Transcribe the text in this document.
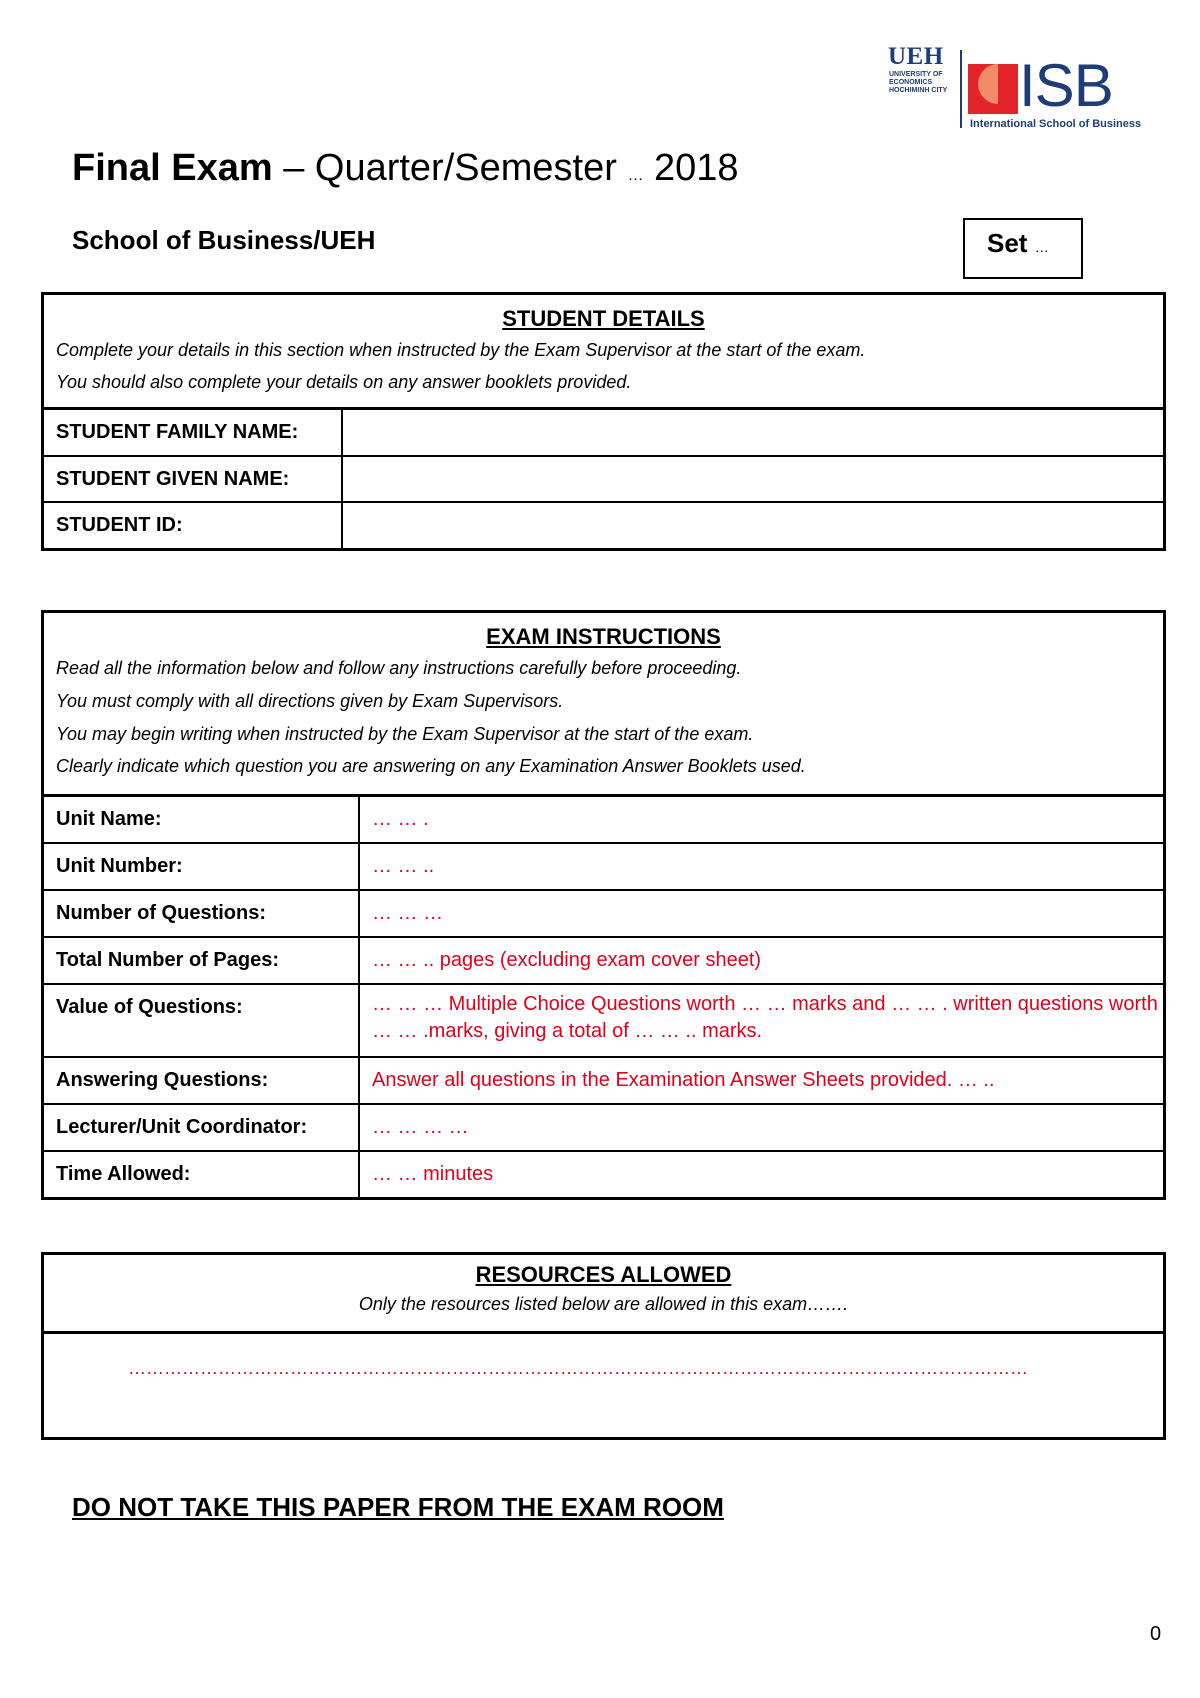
UEH
UNIVERSITY OF
ECONOMICS
HOCHIMINH CITY ISB
International School of Business
Final Exam – Quarter/Semester … 2018
School of Business/UEH	Set …
STUDENT DETAILS
Complete your details in this section when instructed by the Exam Supervisor at the start of the exam.
You should also complete your details on any answer booklets provided.
STUDENT FAMILY NAME:	
STUDENT GIVEN NAME:	
STUDENT ID:	
EXAM INSTRUCTIONS
Read all the information below and follow any instructions carefully before proceeding.
You must comply with all directions given by Exam Supervisors.
You may begin writing when instructed by the Exam Supervisor at the start of the exam.
Clearly indicate which question you are answering on any Examination Answer Booklets used.
Unit Name:	… … .
Unit Number:	… … ..
Number of Questions:	… … …
Total Number of Pages:	… … .. pages (excluding exam cover sheet)
Value of Questions:	… … … Multiple Choice Questions worth … … marks and … … . written questions worth … … .marks, giving a total of … … .. marks.
Answering Questions:	Answer all questions in the Examination Answer Sheets provided. … ..
Lecturer/Unit Coordinator:	… … … …
Time Allowed:	… … minutes
RESOURCES ALLOWED
Only the resources listed below are allowed in this exam…….
……………………………………………………………………………………………………………………………………
DO NOT TAKE THIS PAPER FROM THE EXAM ROOM
0
